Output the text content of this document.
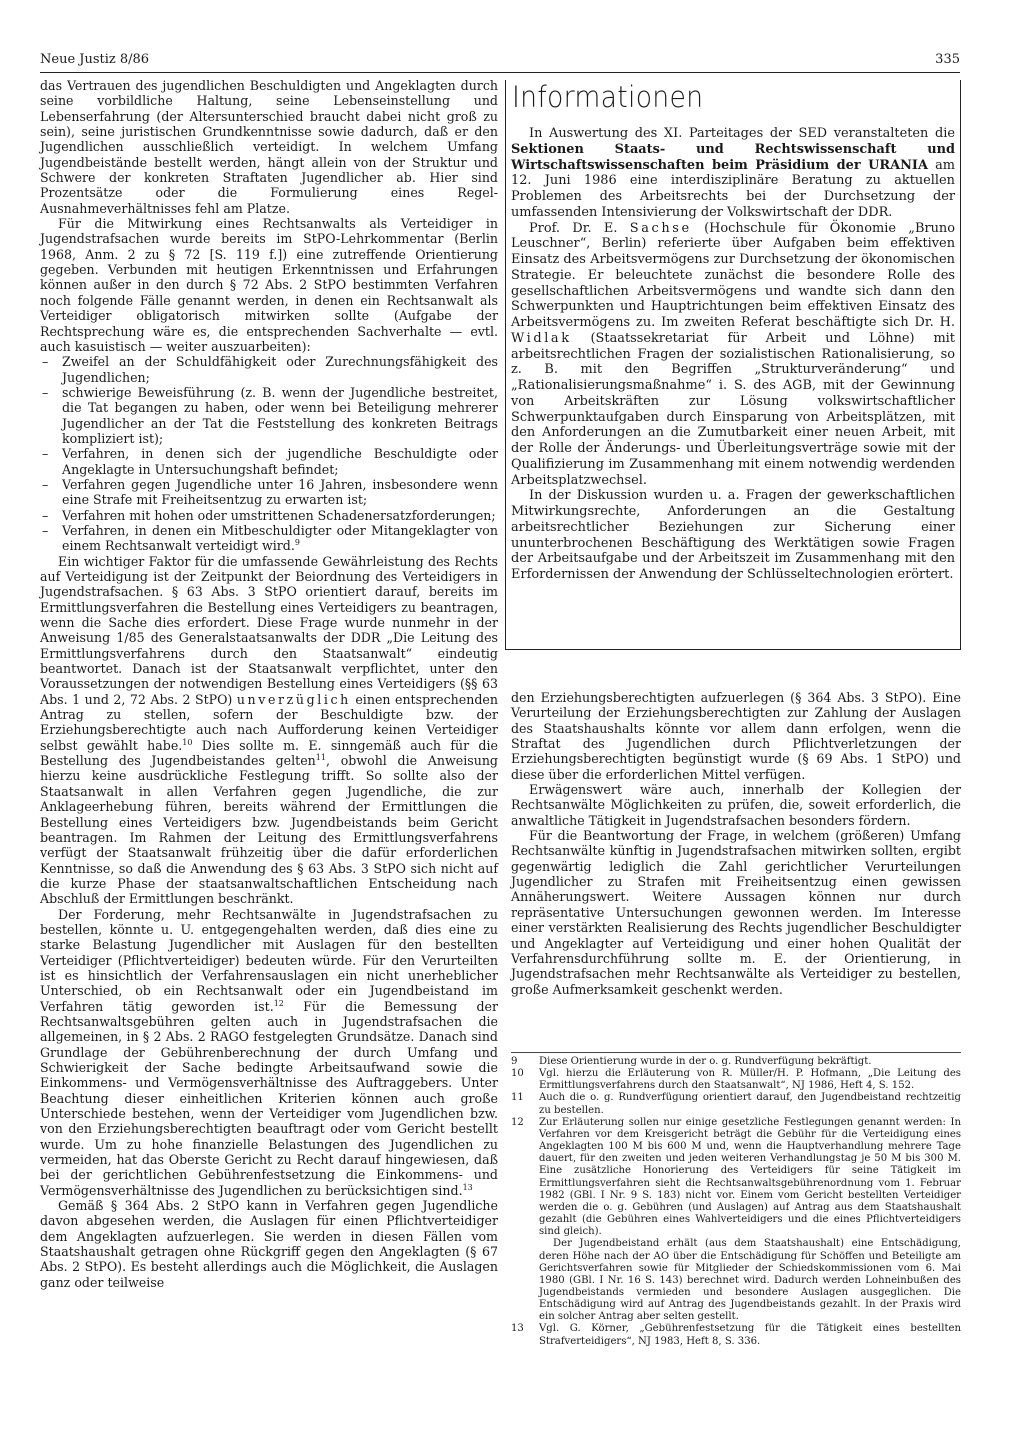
Neue Justiz 8/86	335

das Vertrauen des jugendlichen Beschuldigten und Angeklagten durch seine vorbildliche Haltung, seine Lebenseinstellung und Lebenserfahrung (der Altersunterschied braucht dabei nicht groß zu sein), seine juristischen Grundkenntnisse sowie dadurch, daß er den Jugendlichen ausschließlich verteidigt. In welchem Umfang Jugendbeistände bestellt werden, hängt allein von der Struktur und Schwere der konkreten Straftaten Jugendlicher ab. Hier sind Prozentsätze oder die Formulierung eines Regel-Ausnahmeverhältnisses fehl am Platze.

Für die Mitwirkung eines Rechtsanwalts als Verteidiger in Jugendstrafsachen wurde bereits im StPO-Lehrkommentar (Berlin 1968, Anm. 2 zu § 72 [S. 119 f.]) eine zutreffende Orientierung gegeben. Verbunden mit heutigen Erkenntnissen und Erfahrungen können außer in den durch § 72 Abs. 2 StPO bestimmten Verfahren noch folgende Fälle genannt werden, in denen ein Rechtsanwalt als Verteidiger obligatorisch mitwirken sollte (Aufgabe der Rechtsprechung wäre es, die entsprechenden Sachverhalte — evtl. auch kasuistisch — weiter auszuarbeiten):

– Zweifel an der Schuldfähigkeit oder Zurechnungsfähigkeit des Jugendlichen;
– schwierige Beweisführung (z. B. wenn der Jugendliche bestreitet, die Tat begangen zu haben, oder wenn bei Beteiligung mehrerer Jugendlicher an der Tat die Feststellung des konkreten Beitrags kompliziert ist);
– Verfahren, in denen sich der jugendliche Beschuldigte oder Angeklagte in Untersuchungshaft befindet;
– Verfahren gegen Jugendliche unter 16 Jahren, insbesondere wenn eine Strafe mit Freiheitsentzug zu erwarten ist;
– Verfahren mit hohen oder umstrittenen Schadenersatzforderungen;
– Verfahren, in denen ein Mitbeschuldigter oder Mitangeklagter von einem Rechtsanwalt verteidigt wird.$^9$

Ein wichtiger Faktor für die umfassende Gewährleistung des Rechts auf Verteidigung ist der Zeitpunkt der Beiordnung des Verteidigers in Jugendstrafsachen. § 63 Abs. 3 StPO orientiert darauf, bereits im Ermittlungsverfahren die Bestellung eines Verteidigers zu beantragen, wenn die Sache dies erfordert. Diese Frage wurde nunmehr in der Anweisung 1/85 des Generalstaatsanwalts der DDR „Die Leitung des Ermittlungsverfahrens durch den Staatsanwalt“ eindeutig beantwortet. Danach ist der Staatsanwalt verpflichtet, unter den Voraussetzungen der notwendigen Bestellung eines Verteidigers (§§ 63 Abs. 1 und 2, 72 Abs. 2 StPO) unverzüglich einen entsprechenden Antrag zu stellen, sofern der Beschuldigte bzw. der Erziehungsberechtigte auch nach Aufforderung keinen Verteidiger selbst gewählt habe.$^{10}$ Dies sollte m. E. sinngemäß auch für die Bestellung des Jugendbeistandes gelten$^{11}$, obwohl die Anweisung hierzu keine ausdrückliche Festlegung trifft. So sollte also der Staatsanwalt in allen Verfahren gegen Jugendliche, die zur Anklageerhebung führen, bereits während der Ermittlungen die Bestellung eines Verteidigers bzw. Jugendbeistands beim Gericht beantragen. Im Rahmen der Leitung des Ermittlungsverfahrens verfügt der Staatsanwalt frühzeitig über die dafür erforderlichen Kenntnisse, so daß die Anwendung des § 63 Abs. 3 StPO sich nicht auf die kurze Phase der staatsanwaltschaftlichen Entscheidung nach Abschluß der Ermittlungen beschränkt.

Der Forderung, mehr Rechtsanwälte in Jugendstrafsachen zu bestellen, könnte u. U. entgegengehalten werden, daß dies eine zu starke Belastung Jugendlicher mit Auslagen für den bestellten Verteidiger (Pflichtverteidiger) bedeuten würde. Für den Verurteilten ist es hinsichtlich der Verfahrensauslagen ein nicht unerheblicher Unterschied, ob ein Rechtsanwalt oder ein Jugendbeistand im Verfahren tätig geworden ist.$^{12}$ Für die Bemessung der Rechtsanwaltsgebühren gelten auch in Jugendstrafsachen die allgemeinen, in § 2 Abs. 2 RAGO festgelegten Grundsätze. Danach sind Grundlage der Gebührenberechnung der durch Umfang und Schwierigkeit der Sache bedingte Arbeitsaufwand sowie die Einkommens- und Vermögensverhältnisse des Auftraggebers. Unter Beachtung dieser einheitlichen Kriterien können auch große Unterschiede bestehen, wenn der Verteidiger vom Jugendlichen bzw. von den Erziehungsberechtigten beauftragt oder vom Gericht bestellt wurde. Um zu hohe finanzielle Belastungen des Jugendlichen zu vermeiden, hat das Oberste Gericht zu Recht darauf hingewiesen, daß bei der gerichtlichen Gebührenfestsetzung die Einkommens- und Vermögensverhältnisse des Jugendlichen zu berücksichtigen sind.$^{13}$

Gemäß § 364 Abs. 2 StPO kann in Verfahren gegen Jugendliche davon abgesehen werden, die Auslagen für einen Pflichtverteidiger dem Angeklagten aufzuerlegen. Sie werden in diesen Fällen vom Staatshaushalt getragen ohne Rückgriff gegen den Angeklagten (§ 67 Abs. 2 StPO). Es besteht allerdings auch die Möglichkeit, die Auslagen ganz oder teilweise

Informationen

In Auswertung des XI. Parteitages der SED veranstalteten die Sektionen Staats- und Rechtswissenschaft und Wirtschaftswissenschaften beim Präsidium der URANIA am 12. Juni 1986 eine interdisziplinäre Beratung zu aktuellen Problemen des Arbeitsrechts bei der Durchsetzung der umfassenden Intensivierung der Volkswirtschaft der DDR.

Prof. Dr. E. Sachse (Hochschule für Ökonomie „Bruno Leuschner“, Berlin) referierte über Aufgaben beim effektiven Einsatz des Arbeitsvermögens zur Durchsetzung der ökonomischen Strategie. Er beleuchtete zunächst die besondere Rolle des gesellschaftlichen Arbeitsvermögens und wandte sich dann den Schwerpunkten und Hauptrichtungen beim effektiven Einsatz des Arbeitsvermögens zu. Im zweiten Referat beschäftigte sich Dr. H. Widlak (Staatssekretariat für Arbeit und Löhne) mit arbeitsrechtlichen Fragen der sozialistischen Rationalisierung, so z. B. mit den Begriffen „Strukturveränderung“ und „Rationalisierungsmaßnahme“ i. S. des AGB, mit der Gewinnung von Arbeitskräften zur Lösung volkswirtschaftlicher Schwerpunktaufgaben durch Einsparung von Arbeitsplätzen, mit den Anforderungen an die Zumutbarkeit einer neuen Arbeit, mit der Rolle der Änderungs- und Überleitungsverträge sowie mit der Qualifizierung im Zusammenhang mit einem notwendig werdenden Arbeitsplatzwechsel.

In der Diskussion wurden u. a. Fragen der gewerkschaftlichen Mitwirkungsrechte, Anforderungen an die Gestaltung arbeitsrechtlicher Beziehungen zur Sicherung einer ununterbrochenen Beschäftigung des Werktätigen sowie Fragen der Arbeitsaufgabe und der Arbeitszeit im Zusammenhang mit den Erfordernissen der Anwendung der Schlüsseltechnologien erörtert.

den Erziehungsberechtigten aufzuerlegen (§ 364 Abs. 3 StPO). Eine Verurteilung der Erziehungsberechtigten zur Zahlung der Auslagen des Staatshaushalts könnte vor allem dann erfolgen, wenn die Straftat des Jugendlichen durch Pflichtverletzungen der Erziehungsberechtigten begünstigt wurde (§ 69 Abs. 1 StPO) und diese über die erforderlichen Mittel verfügen.

Erwägenswert wäre auch, innerhalb der Kollegien der Rechtsanwälte Möglichkeiten zu prüfen, die, soweit erforderlich, die anwaltliche Tätigkeit in Jugendstrafsachen besonders fördern.

Für die Beantwortung der Frage, in welchem (größeren) Umfang Rechtsanwälte künftig in Jugendstrafsachen mitwirken sollten, ergibt gegenwärtig lediglich die Zahl gerichtlicher Verurteilungen Jugendlicher zu Strafen mit Freiheitsentzug einen gewissen Annäherungswert. Weitere Aussagen können nur durch repräsentative Untersuchungen gewonnen werden. Im Interesse einer verstärkten Realisierung des Rechts jugendlicher Beschuldigter und Angeklagter auf Verteidigung und einer hohen Qualität der Verfahrensdurchführung sollte m. E. der Orientierung, in Jugendstrafsachen mehr Rechtsanwälte als Verteidiger zu bestellen, große Aufmerksamkeit geschenkt werden.

9	Diese Orientierung wurde in der o. g. Rundverfügung bekräftigt.

10	Vgl. hierzu die Erläuterung von R. Müller/H. P. Hofmann, „Die Leitung des Ermittlungsverfahrens durch den Staatsanwalt“, NJ 1986, Heft 4, S. 152.

11	Auch die o. g. Rundverfügung orientiert darauf, den Jugendbeistand rechtzeitig zu bestellen.

12	Zur Erläuterung sollen nur einige gesetzliche Festlegungen genannt werden: In Verfahren vor dem Kreisgericht beträgt die Gebühr für die Verteidigung eines Angeklagten 100 M bis 600 M und, wenn die Hauptverhandlung mehrere Tage dauert, für den zweiten und jeden weiteren Verhandlungstag je 50 M bis 300 M. Eine zusätzliche Honorierung des Verteidigers für seine Tätigkeit im Ermittlungsverfahren sieht die Rechtsanwaltsgebührenordnung vom 1. Februar 1982 (GBl. I Nr. 9 S. 183) nicht vor. Einem vom Gericht bestellten Verteidiger werden die o. g. Gebühren (und Auslagen) auf Antrag aus dem Staatshaushalt gezahlt (die Gebühren eines Wahlverteidigers und die eines Pflichtverteidigers sind gleich).

Der Jugendbeistand erhält (aus dem Staatshaushalt) eine Entschädigung, deren Höhe nach der AO über die Entschädigung für Schöffen und Beteiligte am Gerichtsverfahren sowie für Mitglieder der Schiedskommissionen vom 6. Mai 1980 (GBl. I Nr. 16 S. 143) berechnet wird. Dadurch werden Lohneinbußen des Jugendbeistands vermieden und besondere Auslagen ausgeglichen. Die Entschädigung wird auf Antrag des Jugendbeistands gezahlt. In der Praxis wird ein solcher Antrag aber selten gestellt.

13	Vgl. G. Körner, „Gebührenfestsetzung für die Tätigkeit eines bestellten Strafverteidigers“, NJ 1983, Heft 8, S. 336.
